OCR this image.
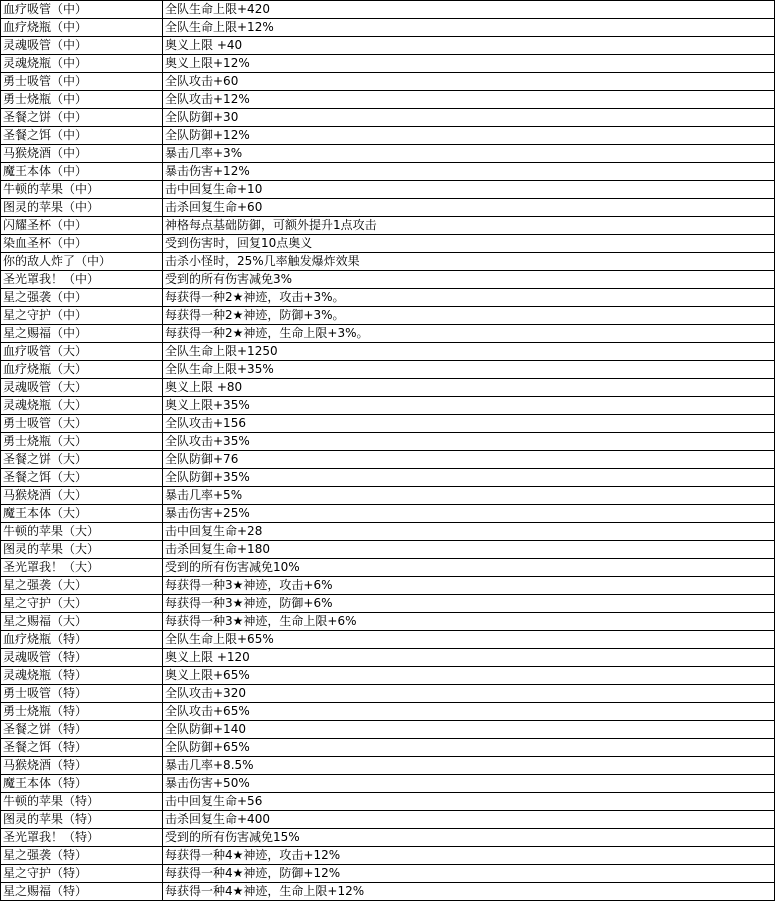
血疗吸管（中）	全队生命上限+420
血疗烧瓶（中）	全队生命上限+12%
灵魂吸管（中）	奥义上限 +40
灵魂烧瓶（中）	奥义上限+12%
勇士吸管（中）	全队攻击+60
勇士烧瓶（中）	全队攻击+12%
圣餐之饼（中）	全队防御+30
圣餐之饵（中）	全队防御+12%
马猴烧酒（中）	暴击几率+3%
魔王本体（中）	暴击伤害+12%
牛顿的苹果（中）	击中回复生命+10
图灵的苹果（中）	击杀回复生命+60
闪耀圣杯（中）	神格每点基础防御，可额外提升1点攻击
染血圣杯（中）	受到伤害时，回复10点奥义
你的敌人炸了（中）	击杀小怪时，25%几率触发爆炸效果
圣光罩我！（中）	受到的所有伤害减免3%
星之强袭（中）	每获得一种2★神迹，攻击+3%。
星之守护（中）	每获得一种2★神迹，防御+3%。
星之赐福（中）	每获得一种2★神迹，生命上限+3%。
血疗吸管（大）	全队生命上限+1250
血疗烧瓶（大）	全队生命上限+35%
灵魂吸管（大）	奥义上限 +80
灵魂烧瓶（大）	奥义上限+35%
勇士吸管（大）	全队攻击+156
勇士烧瓶（大）	全队攻击+35%
圣餐之饼（大）	全队防御+76
圣餐之饵（大）	全队防御+35%
马猴烧酒（大）	暴击几率+5%
魔王本体（大）	暴击伤害+25%
牛顿的苹果（大）	击中回复生命+28
图灵的苹果（大）	击杀回复生命+180
圣光罩我！（大）	受到的所有伤害减免10%
星之强袭（大）	每获得一种3★神迹，攻击+6%
星之守护（大）	每获得一种3★神迹，防御+6%
星之赐福（大）	每获得一种3★神迹，生命上限+6%
血疗烧瓶（特）	全队生命上限+65%
灵魂吸管（特）	奥义上限 +120
灵魂烧瓶（特）	奥义上限+65%
勇士吸管（特）	全队攻击+320
勇士烧瓶（特）	全队攻击+65%
圣餐之饼（特）	全队防御+140
圣餐之饵（特）	全队防御+65%
马猴烧酒（特）	暴击几率+8.5%
魔王本体（特）	暴击伤害+50%
牛顿的苹果（特）	击中回复生命+56
图灵的苹果（特）	击杀回复生命+400
圣光罩我！（特）	受到的所有伤害减免15%
星之强袭（特）	每获得一种4★神迹，攻击+12%
星之守护（特）	每获得一种4★神迹，防御+12%
星之赐福（特）	每获得一种4★神迹，生命上限+12%
